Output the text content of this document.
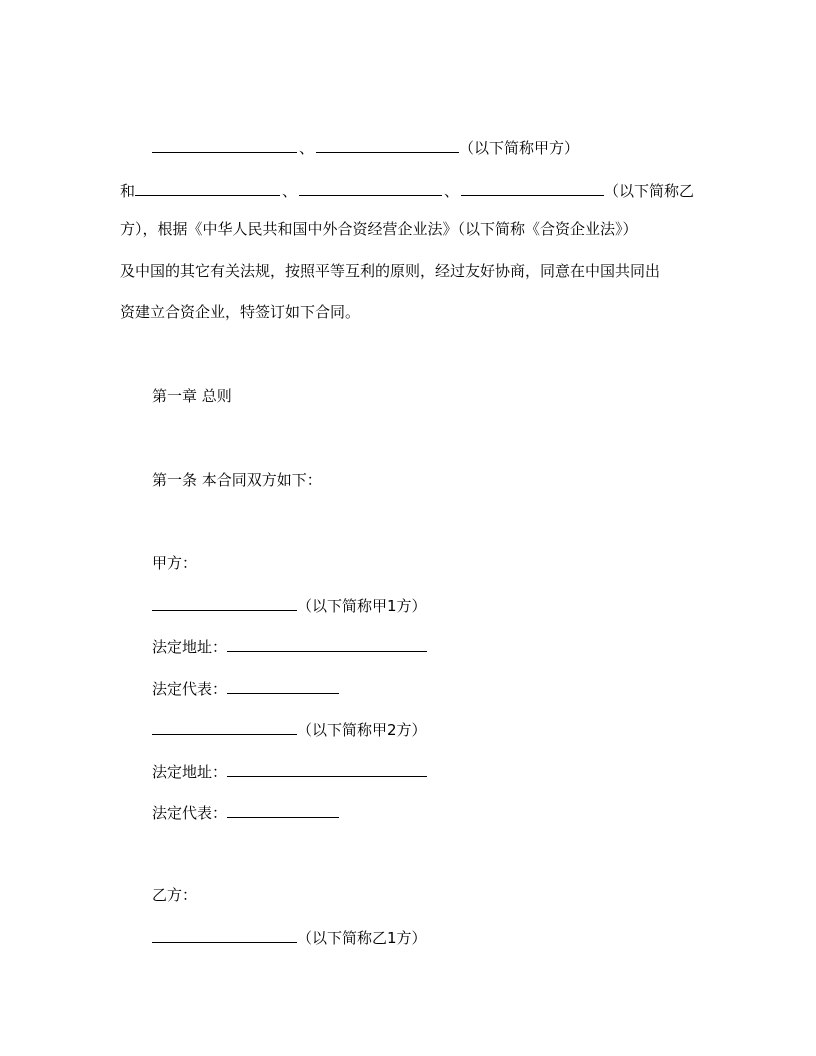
、	（以下简称甲方）
和	、	、	（以下简称乙
方），根据《中华人民共和国中外合资经营企业法》（以下简称《合资企业法》）
及中国的其它有关法规，按照平等互利的原则，经过友好协商，同意在中国共同出
资建立合资企业，特签订如下合同。
第一章 总则
第一条 本合同双方如下：
甲方：
（以下简称甲1方）
法定地址：
法定代表：
（以下简称甲2方）
法定地址：
法定代表：
乙方：
（以下简称乙1方）
